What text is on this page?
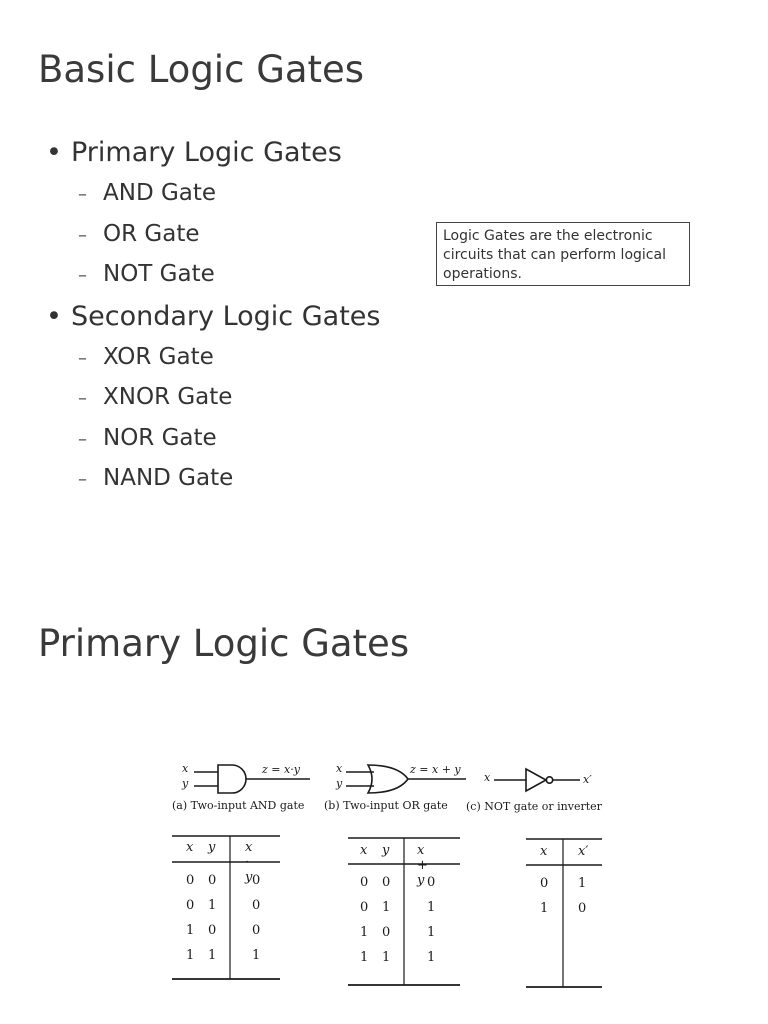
Basic Logic Gates
• Primary Logic Gates
– AND Gate
– OR Gate
– NOT Gate
• Secondary Logic Gates
– XOR Gate
– XNOR Gate
– NOR Gate
– NAND Gate
Logic Gates are the electronic circuits that can perform logical operations.
Primary Logic Gates
x
y
z = x·y
(a) Two-input AND gate
x
y
z = x + y
(b) Two-input OR gate
x	x′
(c) NOT gate or inverter
x y x · y
0 0	0
0 1	0
1 0	0
1 1	1
x y x + y
0 0	0
0 1	1
1 0	1
1 1	1
x x′
0 1
1 0
